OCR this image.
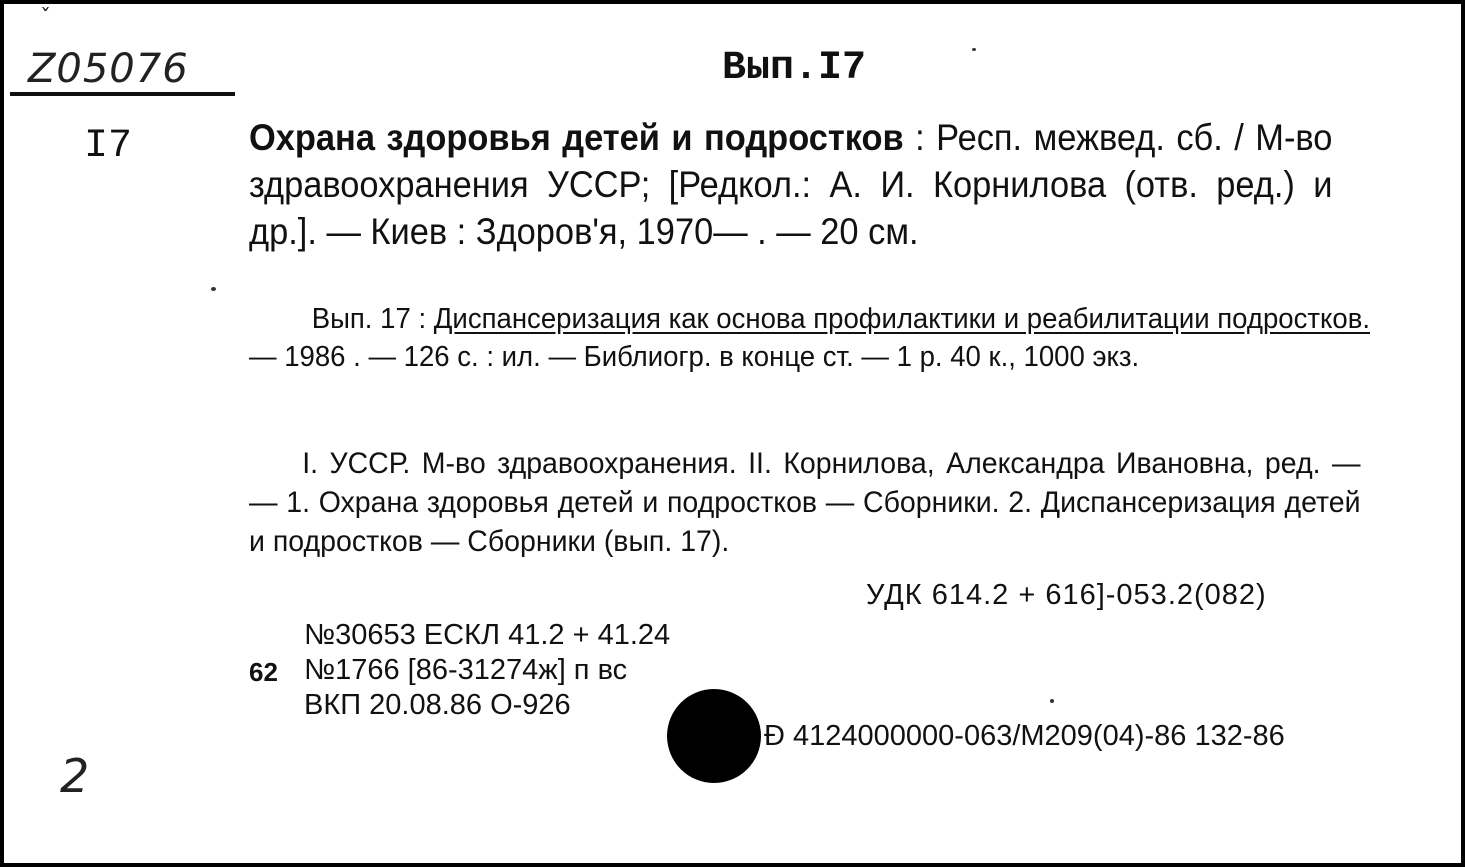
Z05076
ˇ
I7
Вып.I7
Охрана здоровья детей и подростков : Респ. межвед. сб. / М-во здравоохранения УССР; [Редкол.: А. И. Корнилова (отв. ред.) и др.]. — Киев : Здоров'я, 1970— . — 20 см.
Вып. 17 : Диспансеризация как основа профилактики и реабилитации подростков. — 1986 . — 126 с. : ил. — Библиогр. в конце ст. — 1 р. 40 к., 1000 экз.
I. УССР. М-во здравоохранения. II. Корнилова, Александра Ивановна, ред. — — 1. Охрана здоровья детей и подростков — Сборники. 2. Диспансеризация детей и подростков — Сборники (вып. 17).
УДК 614.2 + 616]-053.2(082)
№30653 ЕСКЛ 41.2 + 41.24
62 №1766 [86-31274ж] п вс
ВКП 20.08.86 О-926
Ð 4124000000-063/М209(04)-86 132-86
2
